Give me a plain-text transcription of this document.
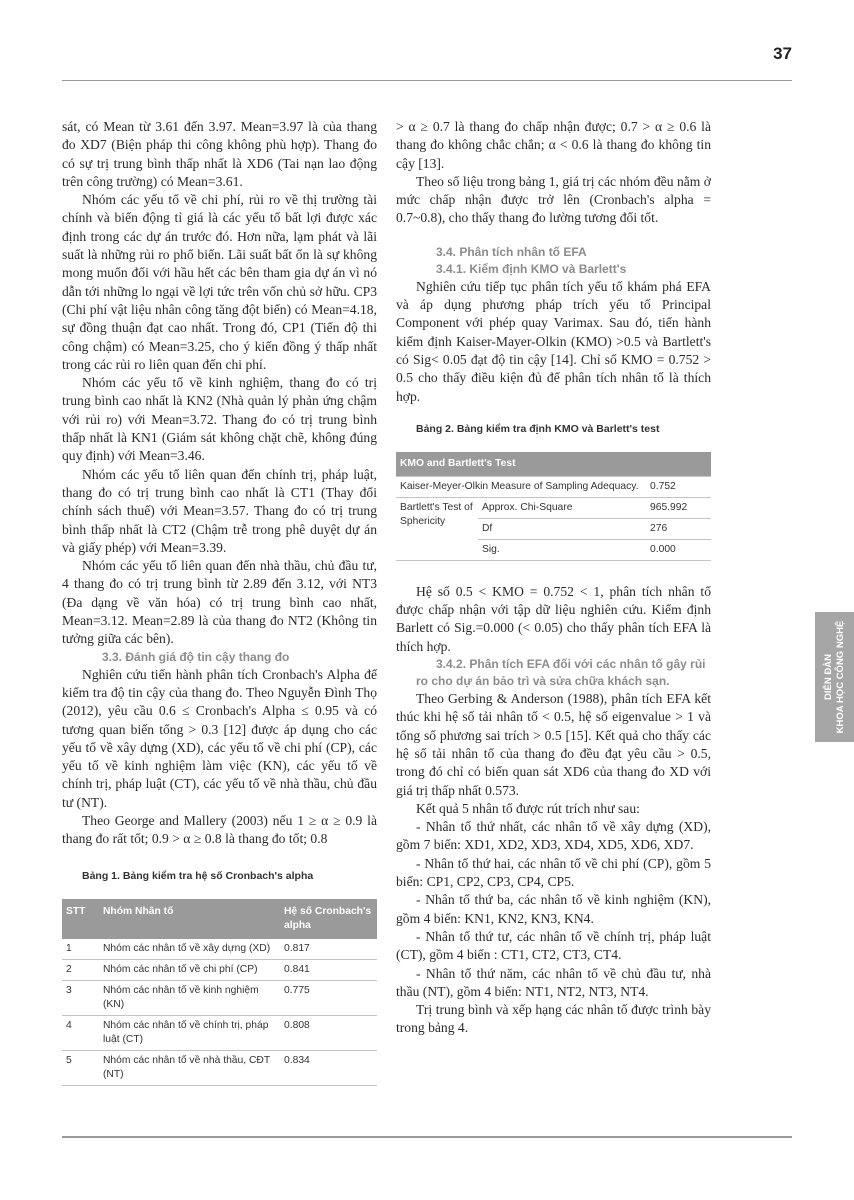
37
DIỄN ĐÀN KHOA HỌC CÔNG NGHỆ

sát, có Mean từ 3.61 đến 3.97. Mean=3.97 là của thang đo XD7 (Biện pháp thi công không phù hợp). Thang đo có sự trị trung bình thấp nhất là XD6 (Tai nạn lao động trên công trường) có Mean=3.61.

Nhóm các yếu tố về chi phí, rủi ro về thị trường tài chính và biến động tỉ giá là các yếu tố bất lợi được xác định trong các dự án trước đó. Hơn nữa, lạm phát và lãi suất là những rủi ro phổ biến. Lãi suất bất ổn là sự không mong muốn đối với hầu hết các bên tham gia dự án vì nó dẫn tới những lo ngại về lợi tức trên vốn chủ sở hữu. CP3 (Chi phí vật liệu nhân công tăng đột biến) có Mean=4.18, sự đồng thuận đạt cao nhất. Trong đó, CP1 (Tiến độ thi công chậm) có Mean=3.25, cho ý kiến đồng ý thấp nhất trong các rủi ro liên quan đến chi phí.

Nhóm các yếu tố về kinh nghiệm, thang đo có trị trung bình cao nhất là KN2 (Nhà quản lý phản ứng chậm với rủi ro) với Mean=3.72. Thang đo có trị trung bình thấp nhất là KN1 (Giám sát không chặt chẽ, không đúng quy định) với Mean=3.46.

Nhóm các yếu tố liên quan đến chính trị, pháp luật, thang đo có trị trung bình cao nhất là CT1 (Thay đổi chính sách thuế) với Mean=3.57. Thang đo có trị trung bình thấp nhất là CT2 (Chậm trễ trong phê duyệt dự án và giấy phép) với Mean=3.39.

Nhóm các yếu tố liên quan đến nhà thầu, chủ đầu tư, 4 thang đo có trị trung bình từ 2.89 đến 3.12, với NT3 (Đa dạng về văn hóa) có trị trung bình cao nhất, Mean=3.12. Mean=2.89 là của thang đo NT2 (Không tin tưởng giữa các bên).

3.3. Đánh giá độ tin cậy thang đo

Nghiên cứu tiến hành phân tích Cronbach's Alpha để kiểm tra độ tin cậy của thang đo. Theo Nguyễn Đình Thọ (2012), yêu cầu 0.6 ≤ Cronbach's Alpha ≤ 0.95 và có tương quan biến tổng > 0.3 [12] được áp dụng cho các yếu tố về xây dựng (XD), các yếu tố về chi phí (CP), các yếu tố về kinh nghiệm làm việc (KN), các yếu tố về chính trị, pháp luật (CT), các yếu tố về nhà thầu, chủ đầu tư (NT).

Theo George and Mallery (2003) nếu 1 ≥ α ≥ 0.9 là thang đo rất tốt; 0.9 > α ≥ 0.8 là thang đo tốt; 0.8

Bảng 1. Bảng kiểm tra hệ số Cronbach's alpha

STT	Nhóm Nhân tố	Hệ số Cronbach's alpha
1	Nhóm các nhân tố về xây dựng (XD)	0.817
2	Nhóm các nhân tố về chi phí (CP)	0.841
3	Nhóm các nhân tố về kinh nghiệm (KN)	0.775
4	Nhóm các nhân tố về chính trị, pháp luật (CT)	0.808
5	Nhóm các nhân tố về nhà thầu, CĐT (NT)	0.834

> α ≥ 0.7 là thang đo chấp nhận được; 0.7 > α ≥ 0.6 là thang đo không chắc chắn; α < 0.6 là thang đo không tin cậy [13].

Theo số liệu trong bảng 1, giá trị các nhóm đều nằm ở mức chấp nhận được trở lên (Cronbach's alpha = 0.7~0.8), cho thấy thang đo lường tương đối tốt.

3.4. Phân tích nhân tố EFA

3.4.1. Kiểm định KMO và Barlett's

Nghiên cứu tiếp tục phân tích yếu tố khám phá EFA và áp dụng phương pháp trích yếu tố Principal Component với phép quay Varimax. Sau đó, tiến hành kiểm định Kaiser-Mayer-Olkin (KMO) >0.5 và Bartlett's có Sig< 0.05 đạt độ tin cậy [14]. Chỉ số KMO = 0.752 > 0.5 cho thấy điều kiện đủ để phân tích nhân tố là thích hợp.

Bảng 2. Bảng kiểm tra định KMO và Barlett's test

KMO and Bartlett's Test		
Kaiser-Meyer-Olkin Measure of Sampling Adequacy.		0.752
Bartlett's Test of Sphericity	Approx. Chi-Square	965.992
	Df	276
	Sig.	0.000

Hệ số 0.5 < KMO = 0.752 < 1, phân tích nhân tố được chấp nhận với tập dữ liệu nghiên cứu. Kiểm định Barlett có Sig.=0.000 (< 0.05) cho thấy phân tích EFA là thích hợp.

3.4.2. Phân tích EFA đối với các nhân tố gây rủi ro cho dự án bảo trì và sửa chữa khách sạn.

Theo Gerbing & Anderson (1988), phân tích EFA kết thúc khi hệ số tải nhân tố < 0.5, hệ số eigenvalue > 1 và tổng số phương sai trích > 0.5 [15]. Kết quả cho thấy các hệ số tải nhân tố của thang đo đều đạt yêu cầu > 0.5, trong đó chỉ có biến quan sát XD6 của thang đo XD với giá trị thấp nhất 0.573.

Kết quả 5 nhân tố được rút trích như sau:

- Nhân tố thứ nhất, các nhân tố về xây dựng (XD), gồm 7 biến: XD1, XD2, XD3, XD4, XD5, XD6, XD7.

- Nhân tố thứ hai, các nhân tố về chi phí (CP), gồm 5 biến: CP1, CP2, CP3, CP4, CP5.

- Nhân tố thứ ba, các nhân tố về kinh nghiệm (KN), gồm 4 biến: KN1, KN2, KN3, KN4.

- Nhân tố thứ tư, các nhân tố về chính trị, pháp luật (CT), gồm 4 biến : CT1, CT2, CT3, CT4.

- Nhân tố thứ năm, các nhân tố về chủ đầu tư, nhà thầu (NT), gồm 4 biến: NT1, NT2, NT3, NT4.

Trị trung bình và xếp hạng các nhân tố được trình bày trong bảng 4.
